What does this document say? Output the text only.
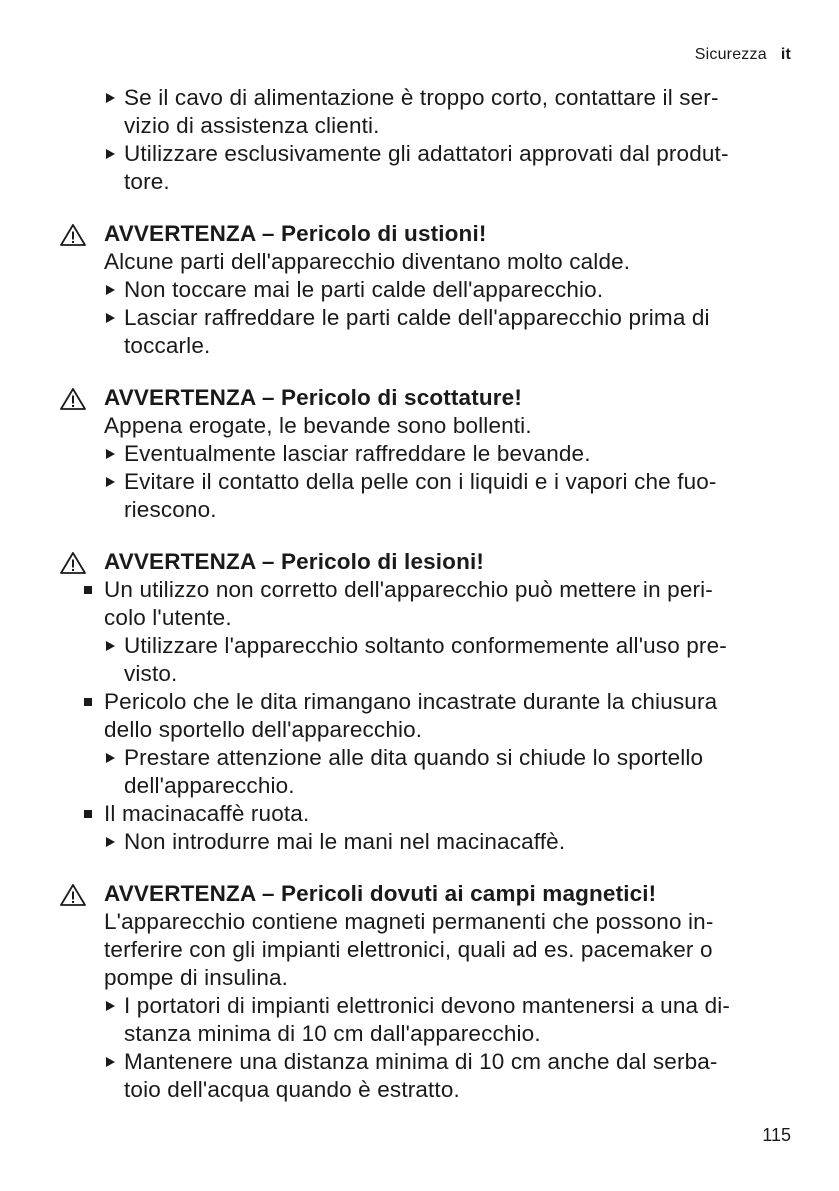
Sicurezza it
Se il cavo di alimentazione è troppo corto, contattare il ser-
vizio di assistenza clienti.
Utilizzare esclusivamente gli adattatori approvati dal produt-
tore.
AVVERTENZA – Pericolo di ustioni!
Alcune parti dell'apparecchio diventano molto calde.
Non toccare mai le parti calde dell'apparecchio.
Lasciar raffreddare le parti calde dell'apparecchio prima di
toccarle.
AVVERTENZA – Pericolo di scottature!
Appena erogate, le bevande sono bollenti.
Eventualmente lasciar raffreddare le bevande.
Evitare il contatto della pelle con i liquidi e i vapori che fuo-
riescono.
AVVERTENZA – Pericolo di lesioni!
Un utilizzo non corretto dell'apparecchio può mettere in peri-
colo l'utente.
Utilizzare l'apparecchio soltanto conformemente all'uso pre-
visto.
Pericolo che le dita rimangano incastrate durante la chiusura
dello sportello dell'apparecchio.
Prestare attenzione alle dita quando si chiude lo sportello
dell'apparecchio.
Il macinacaffè ruota.
Non introdurre mai le mani nel macinacaffè.
AVVERTENZA – Pericoli dovuti ai campi magnetici!
L'apparecchio contiene magneti permanenti che possono in-
terferire con gli impianti elettronici, quali ad es. pacemaker o
pompe di insulina.
I portatori di impianti elettronici devono mantenersi a una di-
stanza minima di 10 cm dall'apparecchio.
Mantenere una distanza minima di 10 cm anche dal serba-
toio dell'acqua quando è estratto.
115
